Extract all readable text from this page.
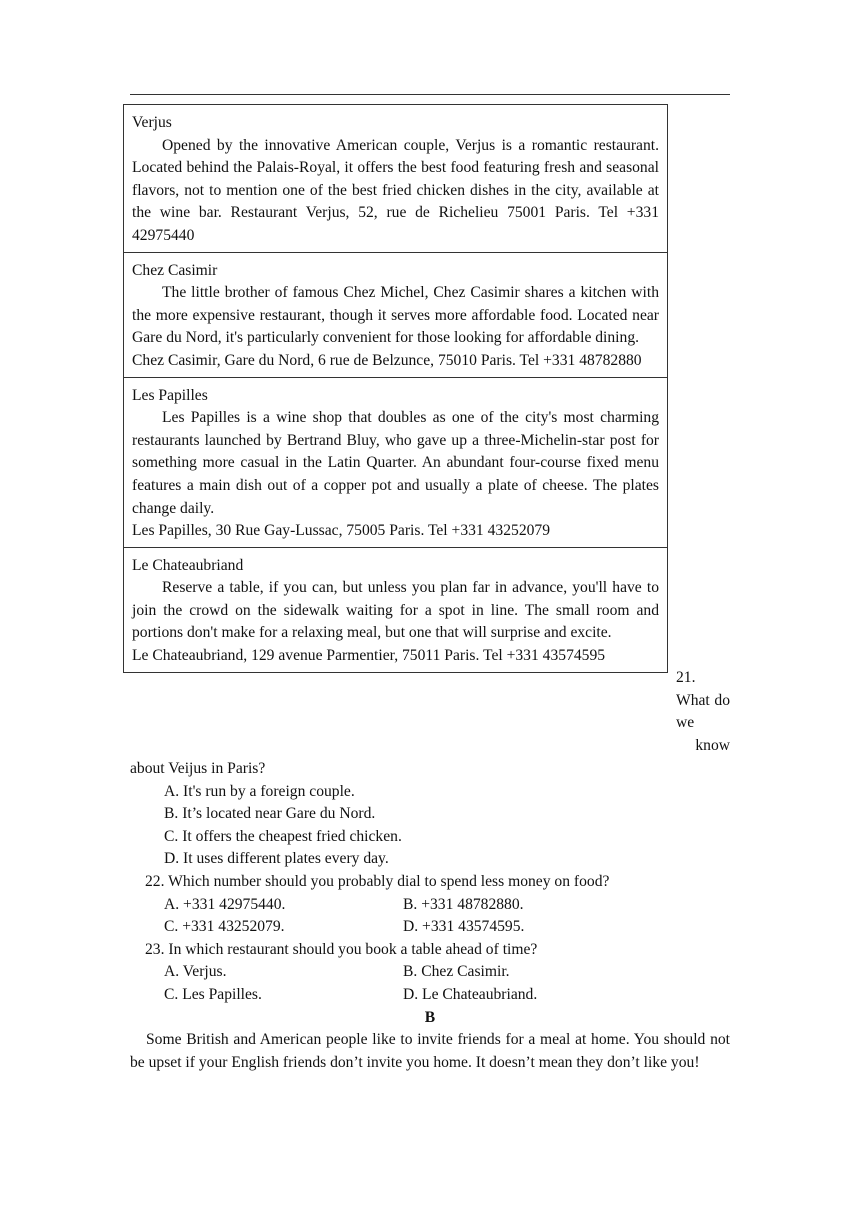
Verjus

Opened by the innovative American couple, Verjus is a romantic restaurant. Located behind the Palais-Royal, it offers the best food featuring fresh and seasonal flavors, not to mention one of the best fried chicken dishes in the city, available at the wine bar. Restaurant Verjus, 52, rue de Richelieu 75001 Paris. Tel +331 42975440

Chez Casimir

The little brother of famous Chez Michel, Chez Casimir shares a kitchen with the more expensive restaurant, though it serves more affordable food. Located near Gare du Nord, it's particularly convenient for those looking for affordable dining.

Chez Casimir, Gare du Nord, 6 rue de Belzunce, 75010 Paris. Tel +331 48782880

Les Papilles

Les Papilles is a wine shop that doubles as one of the city's most charming restaurants launched by Bertrand Bluy, who gave up a three-Michelin-star post for something more casual in the Latin Quarter. An abundant four-course fixed menu features a main dish out of a copper pot and usually a plate of cheese. The plates change daily.

Les Papilles, 30 Rue Gay-Lussac, 75005 Paris. Tel +331 43252079

Le Chateaubriand

Reserve a table, if you can, but unless you plan far in advance, you'll have to join the crowd on the sidewalk waiting for a spot in line. The small room and portions don't make for a relaxing meal, but one that will surprise and excite.

Le Chateaubriand, 129 avenue Parmentier, 75011 Paris. Tel +331 43574595

21. What do we know

about Veijus in Paris?

A. It's run by a foreign couple.

B. It’s located near Gare du Nord.

C. It offers the cheapest fried chicken.

D. It uses different plates every day.

22. Which number should you probably dial to spend less money on food?

A. +331 42975440.	B. +331 48782880.
C. +331 43252079.	D. +331 43574595.

23. In which restaurant should you book a table ahead of time?

A. Verjus.	B. Chez Casimir.
C. Les Papilles.	D. Le Chateaubriand.

B

Some British and American people like to invite friends for a meal at home. You should not be upset if your English friends don’t invite you home. It doesn’t mean they don’t like you!
